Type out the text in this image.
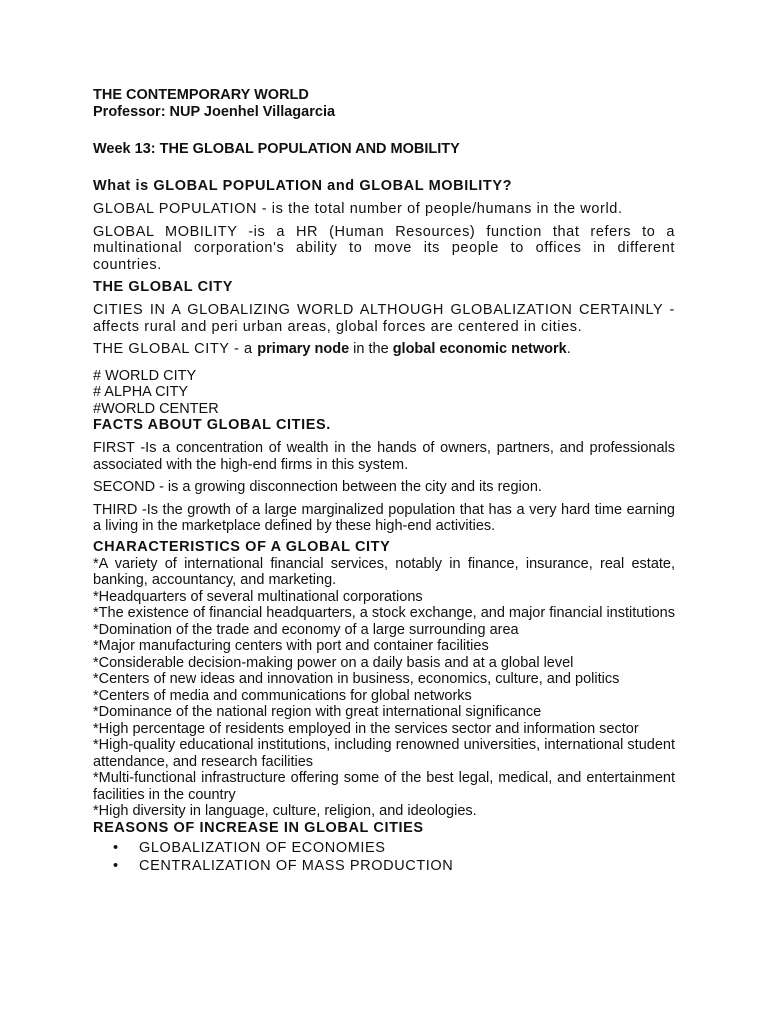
THE CONTEMPORARY WORLD

Professor: NUP Joenhel Villagarcia

Week 13: THE GLOBAL POPULATION AND MOBILITY

What is GLOBAL POPULATION and GLOBAL MOBILITY?

GLOBAL POPULATION - is the total number of people/humans in the world.

GLOBAL MOBILITY -is a HR (Human Resources) function that refers to a multinational corporation's ability to move its people to offices in different countries.

THE GLOBAL CITY

CITIES IN A GLOBALIZING WORLD ALTHOUGH GLOBALIZATION CERTAINLY - affects rural and peri urban areas, global forces are centered in cities.

THE GLOBAL CITY - a primary node in the global economic network.

# WORLD CITY

# ALPHA CITY

#WORLD CENTER

FACTS ABOUT GLOBAL CITIES.

FIRST -Is a concentration of wealth in the hands of owners, partners, and professionals associated with the high-end firms in this system.

SECOND - is a growing disconnection between the city and its region.

THIRD -Is the growth of a large marginalized population that has a very hard time earning a living in the marketplace defined by these high-end activities.

CHARACTERISTICS OF A GLOBAL CITY

*A variety of international financial services, notably in finance, insurance, real estate, banking, accountancy, and marketing.

*Headquarters of several multinational corporations

*The existence of financial headquarters, a stock exchange, and major financial institutions

*Domination of the trade and economy of a large surrounding area

*Major manufacturing centers with port and container facilities

*Considerable decision-making power on a daily basis and at a global level

*Centers of new ideas and innovation in business, economics, culture, and politics

*Centers of media and communications for global networks

*Dominance of the national region with great international significance

*High percentage of residents employed in the services sector and information sector

*High-quality educational institutions, including renowned universities, international student attendance, and research facilities

*Multi-functional infrastructure offering some of the best legal, medical, and entertainment facilities in the country

*High diversity in language, culture, religion, and ideologies.

REASONS OF INCREASE IN GLOBAL CITIES

• GLOBALIZATION OF ECONOMIES
• CENTRALIZATION OF MASS PRODUCTION
